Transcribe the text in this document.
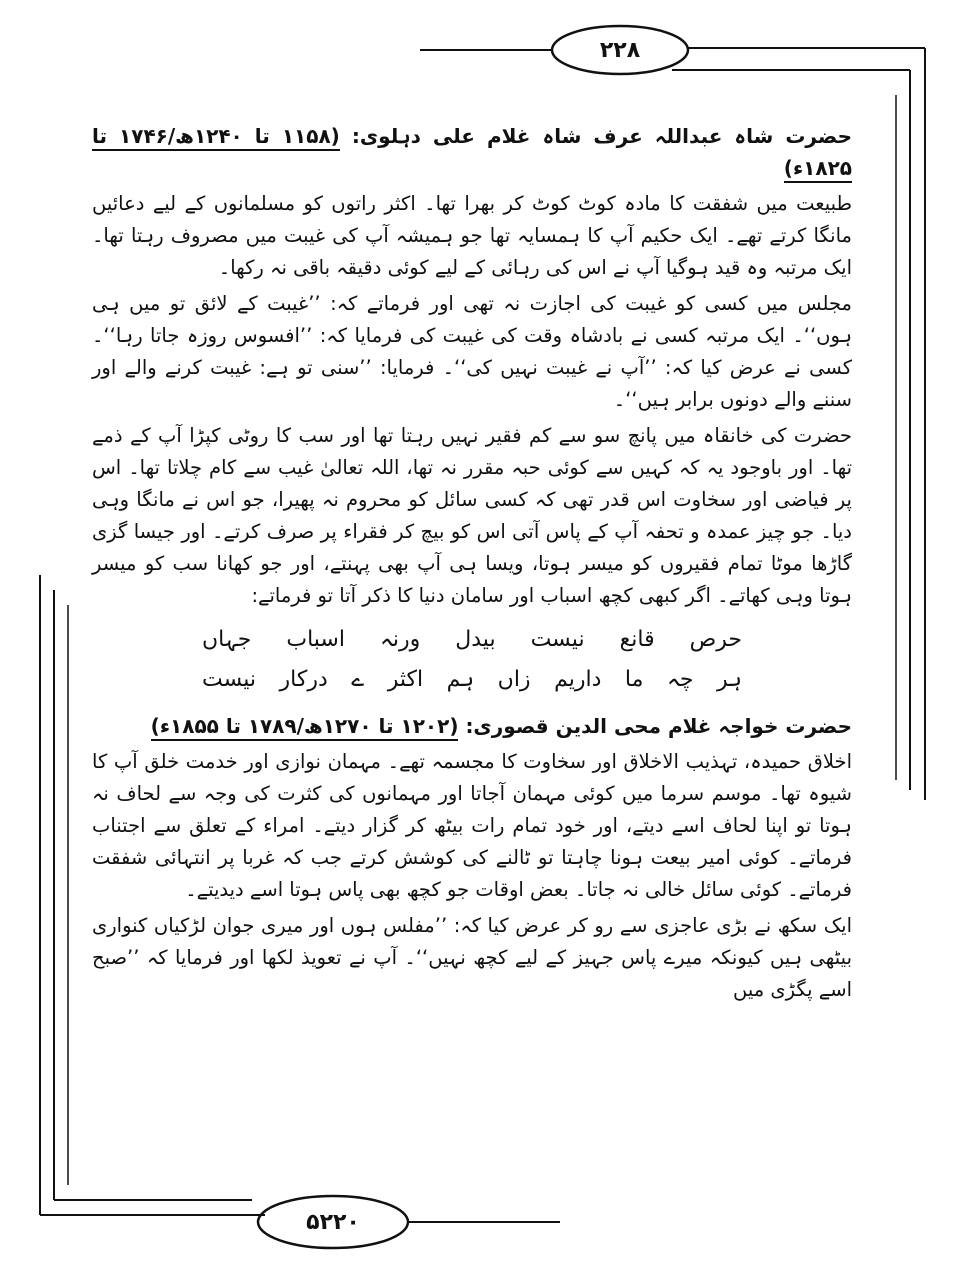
۲۲۸
حضرت شاہ عبداللہ عرف شاہ غلام علی دہلوی: (۱۱۵۸ تا ۱۲۴۰ھ/۱۷۴۶ تا ۱۸۲۵ء)

طبیعت میں شفقت کا مادہ کوٹ کوٹ کر بھرا تھا۔ اکثر راتوں کو مسلمانوں کے لیے دعائیں مانگا کرتے تھے۔ ایک حکیم آپ کا ہمسایہ تھا جو ہمیشہ آپ کی غیبت میں مصروف رہتا تھا۔ ایک مرتبہ وہ قید ہوگیا آپ نے اس کی رہائی کے لیے کوئی دقیقہ باقی نہ رکھا۔

مجلس میں کسی کو غیبت کی اجازت نہ تھی اور فرماتے کہ: ’’غیبت کے لائق تو میں ہی ہوں‘‘۔ ایک مرتبہ کسی نے بادشاہ وقت کی غیبت کی فرمایا کہ: ’’افسوس روزہ جاتا رہا‘‘۔ کسی نے عرض کیا کہ: ’’آپ نے غیبت نہیں کی‘‘۔ فرمایا: ’’سنی تو ہے: غیبت کرنے والے اور سننے والے دونوں برابر ہیں‘‘۔

حضرت کی خانقاہ میں پانچ سو سے کم فقیر نہیں رہتا تھا اور سب کا روٹی کپڑا آپ کے ذمے تھا۔ اور باوجود یہ کہ کہیں سے کوئی حبہ مقرر نہ تھا، اللہ تعالیٰ غیب سے کام چلاتا تھا۔ اس پر فیاضی اور سخاوت اس قدر تھی کہ کسی سائل کو محروم نہ پھیرا، جو اس نے مانگا وہی دیا۔ جو چیز عمدہ و تحفہ آپ کے پاس آتی اس کو بیچ کر فقراء پر صرف کرتے۔ اور جیسا گزی گاڑھا موٹا تمام فقیروں کو میسر ہوتا، ویسا ہی آپ بھی پہنتے، اور جو کھانا سب کو میسر ہوتا وہی کھاتے۔ اگر کبھی کچھ اسباب اور سامان دنیا کا ذکر آتا تو فرماتے:

حرص قانع نیست بیدل ورنہ اسباب جہاں
ہر چہ ما داریم زاں ہم اکثر ے درکار نیست
حضرت خواجہ غلام محی الدین قصوری: (۱۲۰۲ تا ۱۲۷۰ھ/۱۷۸۹ تا ۱۸۵۵ء)

اخلاق حمیدہ، تہذیب الاخلاق اور سخاوت کا مجسمہ تھے۔ مہمان نوازی اور خدمت خلق آپ کا شیوہ تھا۔ موسم سرما میں کوئی مہمان آجاتا اور مہمانوں کی کثرت کی وجہ سے لحاف نہ ہوتا تو اپنا لحاف اسے دیتے، اور خود تمام رات بیٹھ کر گزار دیتے۔ امراء کے تعلق سے اجتناب فرماتے۔ کوئی امیر بیعت ہونا چاہتا تو ٹالنے کی کوشش کرتے جب کہ غربا پر انتہائی شفقت فرماتے۔ کوئی سائل خالی نہ جاتا۔ بعض اوقات جو کچھ بھی پاس ہوتا اسے دیدیتے۔

ایک سکھ نے بڑی عاجزی سے رو کر عرض کیا کہ: ’’مفلس ہوں اور میری جوان لڑکیاں کنواری بیٹھی ہیں کیونکہ میرے پاس جہیز کے لیے کچھ نہیں‘‘۔ آپ نے تعویذ لکھا اور فرمایا کہ ’’صبح اسے پگڑی میں

۵۲۲۰
